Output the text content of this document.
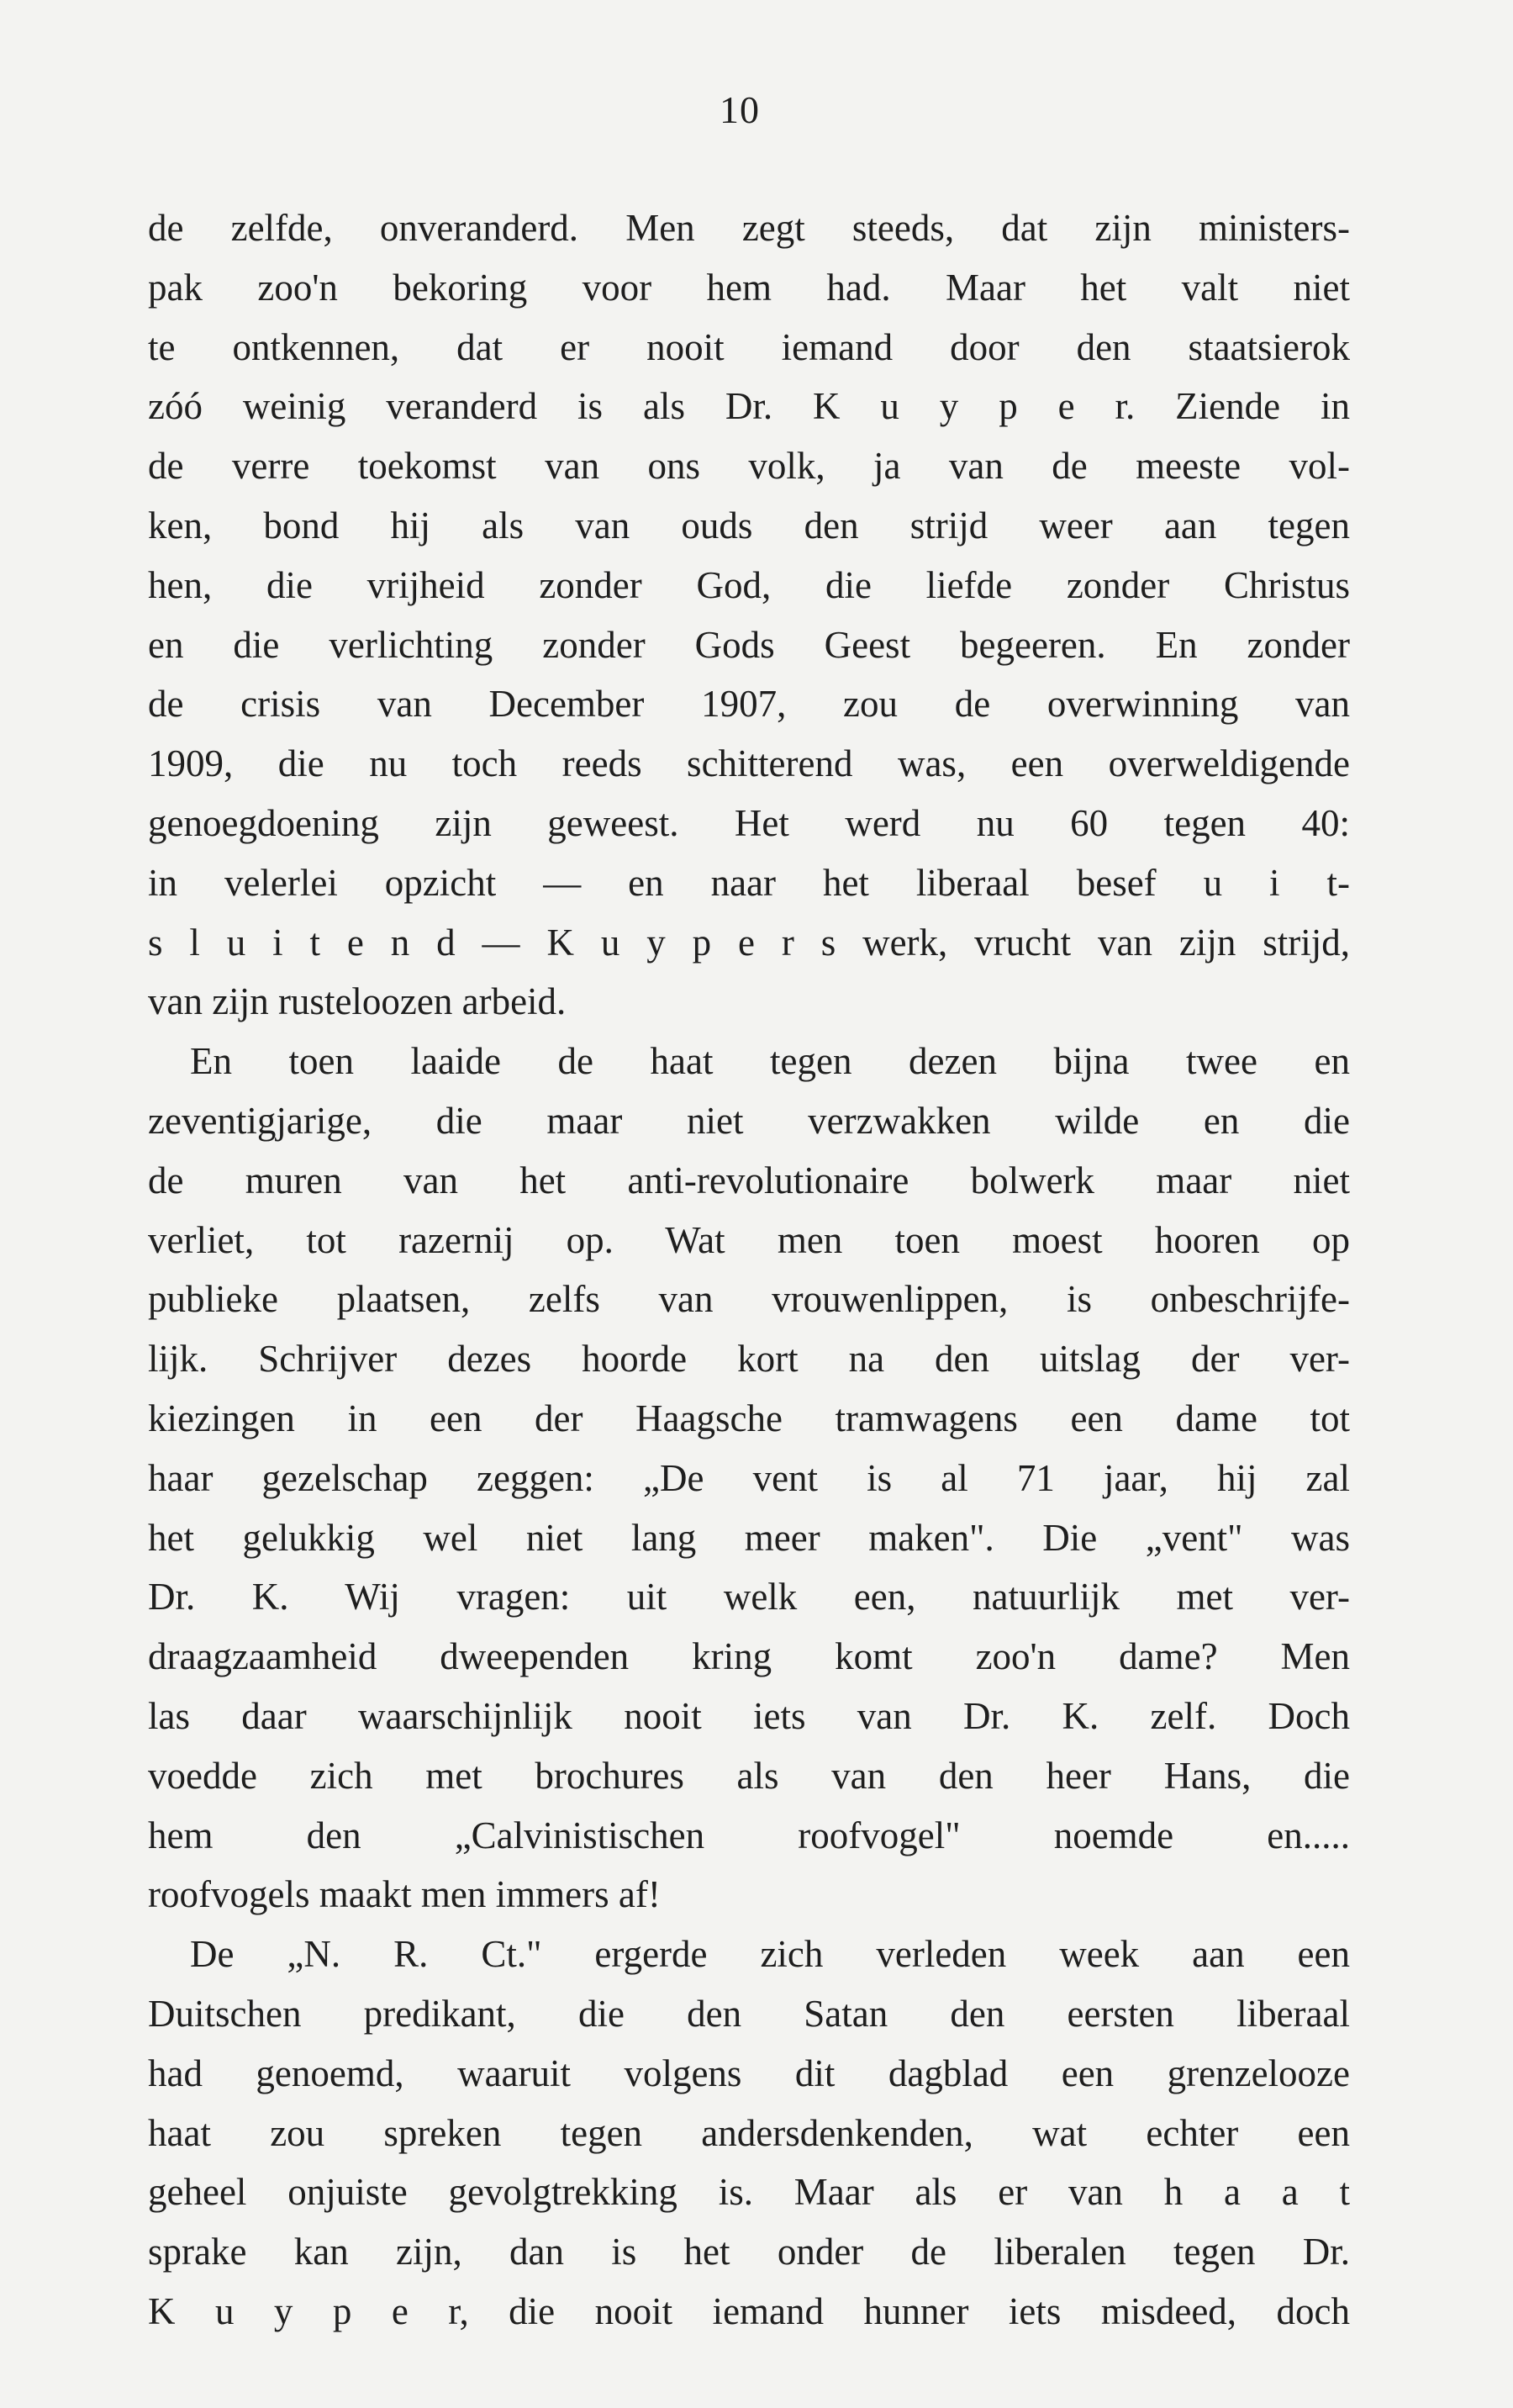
10
de zelfde, onveranderd. Men zegt steeds, dat zijn ministers-
pak zoo'n bekoring voor hem had. Maar het valt niet
te ontkennen, dat er nooit iemand door den staatsierok
zóó weinig veranderd is als Dr. K u y p e r. Ziende in
de verre toekomst van ons volk, ja van de meeste vol-
ken, bond hij als van ouds den strijd weer aan tegen
hen, die vrijheid zonder God, die liefde zonder Christus
en die verlichting zonder Gods Geest begeeren. En zonder
de crisis van December 1907, zou de overwinning van
1909, die nu toch reeds schitterend was, een overweldigende
genoegdoening zijn geweest. Het werd nu 60 tegen 40:
in velerlei opzicht — en naar het liberaal besef u i t-
s l u i t e n d — K u y p e r s werk, vrucht van zijn strijd,
van zijn rusteloozen arbeid.
En toen laaide de haat tegen dezen bijna twee en
zeventigjarige, die maar niet verzwakken wilde en die
de muren van het anti-revolutionaire bolwerk maar niet
verliet, tot razernij op. Wat men toen moest hooren op
publieke plaatsen, zelfs van vrouwenlippen, is onbeschrijfe-
lijk. Schrijver dezes hoorde kort na den uitslag der ver-
kiezingen in een der Haagsche tramwagens een dame tot
haar gezelschap zeggen: „De vent is al 71 jaar, hij zal
het gelukkig wel niet lang meer maken". Die „vent" was
Dr. K. Wij vragen: uit welk een, natuurlijk met ver-
draagzaamheid dweependen kring komt zoo'n dame? Men
las daar waarschijnlijk nooit iets van Dr. K. zelf. Doch
voedde zich met brochures als van den heer Hans, die
hem den „Calvinistischen roofvogel" noemde en.....
roofvogels maakt men immers af!
De „N. R. Ct." ergerde zich verleden week aan een
Duitschen predikant, die den Satan den eersten liberaal
had genoemd, waaruit volgens dit dagblad een grenzelooze
haat zou spreken tegen andersdenkenden, wat echter een
geheel onjuiste gevolgtrekking is. Maar als er van h a a t
sprake kan zijn, dan is het onder de liberalen tegen Dr.
K u y p e r, die nooit iemand hunner iets misdeed, doch
